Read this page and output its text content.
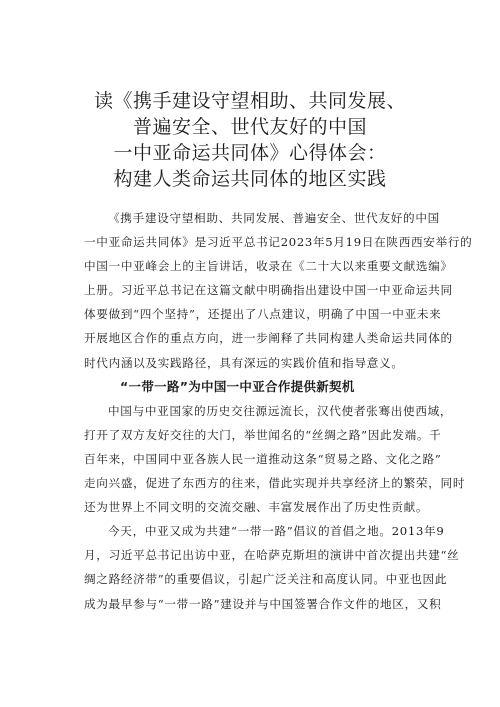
读《携手建设守望相助、共同发展、
普遍安全、世代友好的中国
一中亚命运共同体》心得体会：
构建人类命运共同体的地区实践
《携手建设守望相助、共同发展、普遍安全、世代友好的中国
一中亚命运共同体》是习近平总书记2023年5月19日在陕西西安举行的
中国一中亚峰会上的主旨讲话，收录在《二十大以来重要文献选编》
上册。习近平总书记在这篇文献中明确指出建设中国一中亚命运共同
体要做到“四个坚持”，还提出了八点建议，明确了中国一中亚未来
开展地区合作的重点方向，进一步阐释了共同构建人类命运共同体的
时代内涵以及实践路径，具有深远的实践价值和指导意义。
“一带一路”为中国一中亚合作提供新契机
中国与中亚国家的历史交往源远流长，汉代使者张骞出使西域，
打开了双方友好交往的大门，举世闻名的“丝绸之路”因此发端。千
百年来，中国同中亚各族人民一道推动这条“贸易之路、文化之路”
走向兴盛，促进了东西方的往来，借此实现并共享经济上的繁荣，同时
还为世界上不同文明的交流交融、丰富发展作出了历史性贡献。
今天，中亚又成为共建“一带一路”倡议的首倡之地。2013年9
月，习近平总书记出访中亚，在哈萨克斯坦的演讲中首次提出共建“丝
绸之路经济带”的重要倡议，引起广泛关注和高度认同。中亚也因此
成为最早参与“一带一路”建设并与中国签署合作文件的地区，又积
